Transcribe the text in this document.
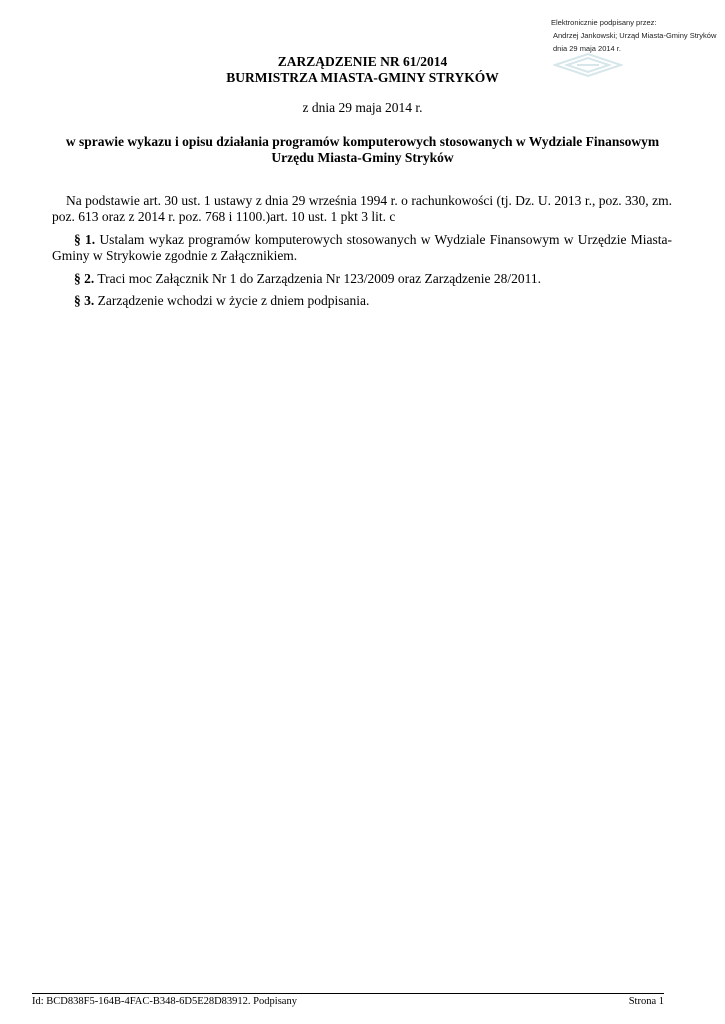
Elektronicznie podpisany przez:
Andrzej Jankowski; Urząd Miasta-Gminy Stryków
dnia 29 maja 2014 r.
ZARZĄDZENIE NR 61/2014
BURMISTRZA MIASTA-GMINY STRYKÓW
z dnia 29 maja 2014 r.
w sprawie wykazu i opisu działania programów komputerowych stosowanych w Wydziale Finansowym Urzędu Miasta-Gminy Stryków
Na podstawie art. 30 ust. 1 ustawy z dnia 29 września 1994 r. o rachunkowości (tj. Dz. U. 2013 r., poz. 330, zm. poz. 613 oraz z 2014 r. poz. 768 i 1100.)art. 10 ust. 1 pkt 3 lit. c
§ 1. Ustalam wykaz programów komputerowych stosowanych w Wydziale Finansowym w Urzędzie Miasta-Gminy w Strykowie zgodnie z Załącznikiem.
§ 2. Traci moc Załącznik Nr 1 do Zarządzenia Nr 123/2009 oraz Zarządzenie 28/2011.
§ 3. Zarządzenie wchodzi w życie z dniem podpisania.
Id: BCD838F5-164B-4FAC-B348-6D5E28D83912. Podpisany	Strona 1
